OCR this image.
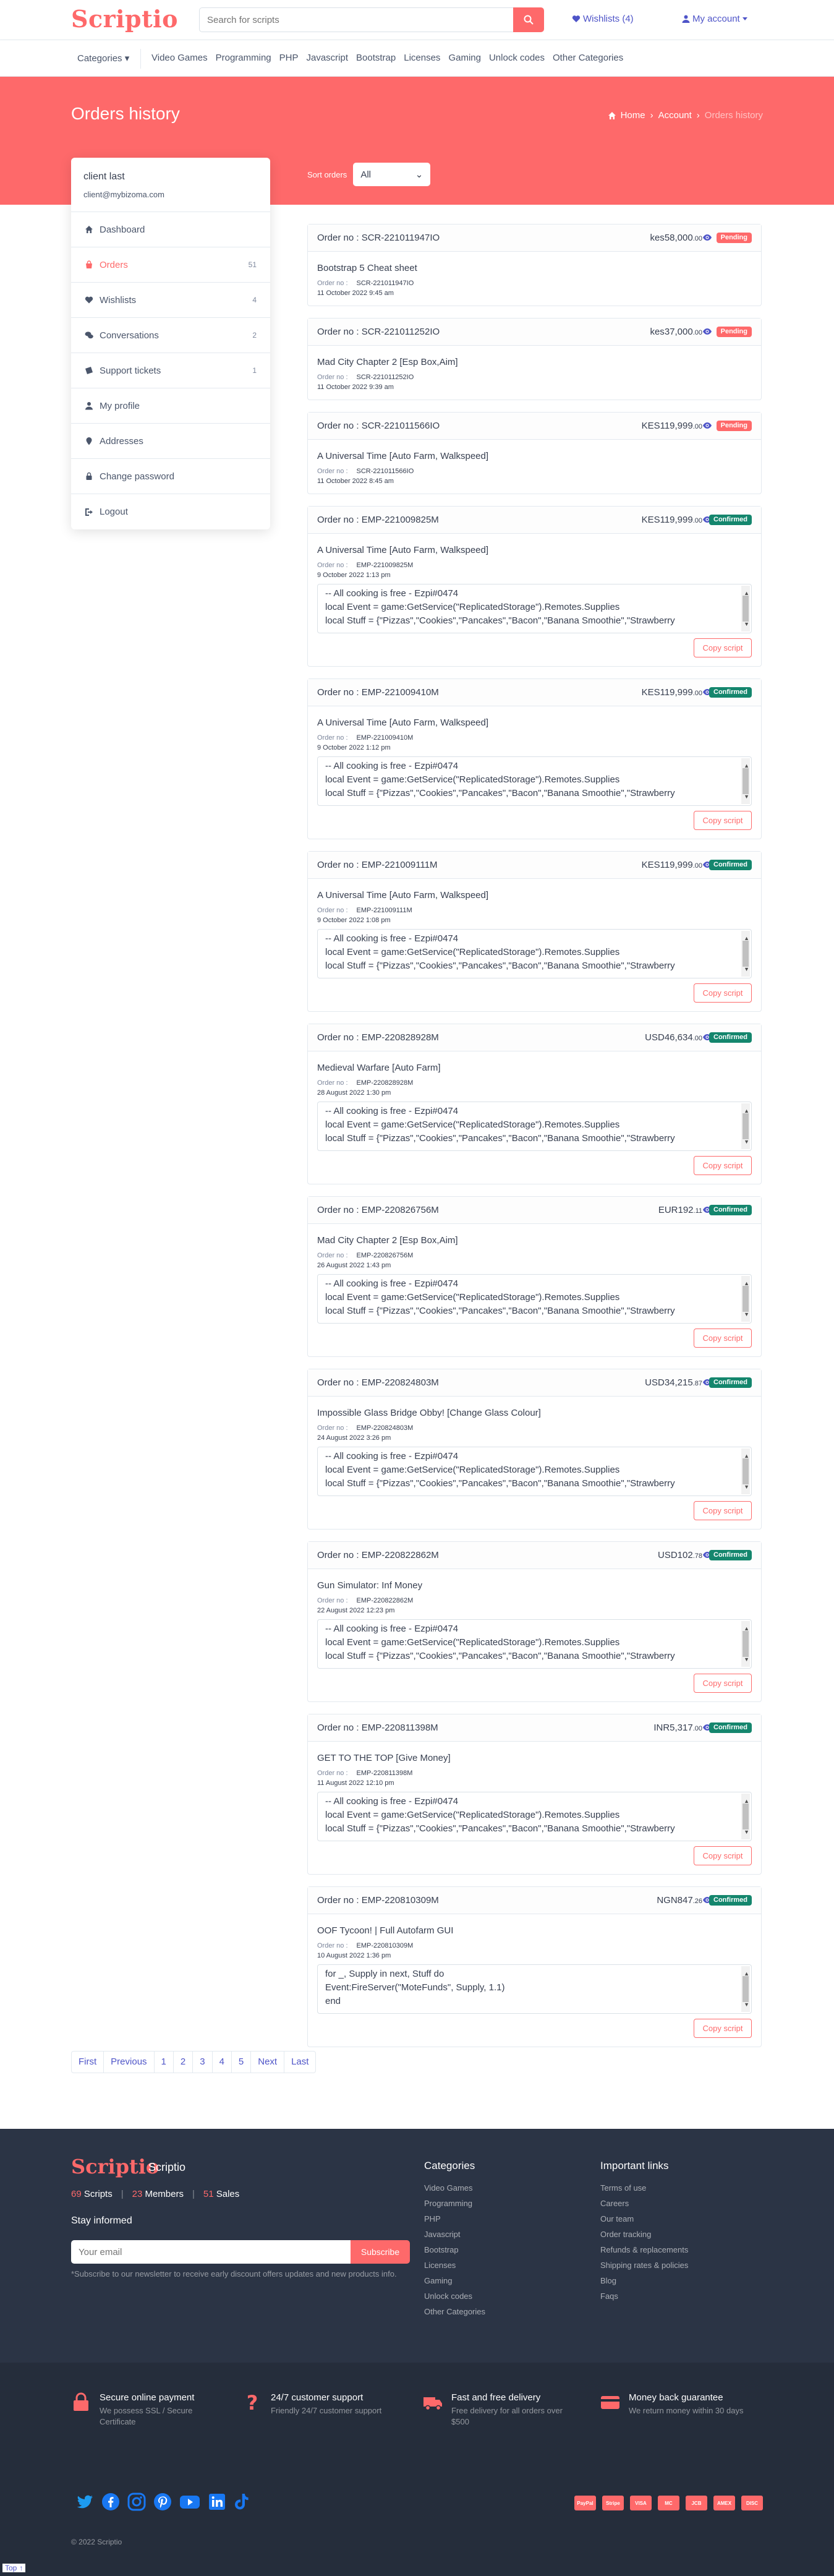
Scriptio
Search for scripts	Wishlists (4)	My account
Categories ▾ Video Games Programming PHP Javascript Bootstrap Licenses Gaming Unlock codes Other Categories
Orders history	Home › Account › Orders history
client last
client@mybizoma.com
Dashboard
Orders	51
Wishlists	4
Conversations	2
Support tickets	1
My profile
Addresses
Change password
Logout
Sort orders All	⌄
Order no : SCR-221011947IO	kes58,000.00	Pending
Bootstrap 5 Cheat sheet
Order no : SCR-221011947IO
11 October 2022 9:45 am
Order no : SCR-221011252IO	kes37,000.00	Pending
Mad City Chapter 2 [Esp Box,Aim]
Order no : SCR-221011252IO
11 October 2022 9:39 am
Order no : SCR-221011566IO	KES119,999.00	Pending
A Universal Time [Auto Farm, Walkspeed]
Order no : SCR-221011566IO
11 October 2022 8:45 am
Order no : EMP-221009825M	KES119,999.00	Confirmed
A Universal Time [Auto Farm, Walkspeed]
Order no : EMP-221009825M
9 October 2022 1:13 pm
-- All cooking is free - Ezpi#0474
local Event = game:GetService("ReplicatedStorage").Remotes.Supplies
local Stuff = {"Pizzas","Cookies","Pancakes","Bacon","Banana Smoothie","Strawberry
▲
▼
Copy script
Order no : EMP-221009410M	KES119,999.00	Confirmed
A Universal Time [Auto Farm, Walkspeed]
Order no : EMP-221009410M
9 October 2022 1:12 pm
-- All cooking is free - Ezpi#0474
local Event = game:GetService("ReplicatedStorage").Remotes.Supplies
local Stuff = {"Pizzas","Cookies","Pancakes","Bacon","Banana Smoothie","Strawberry
▲
▼
Copy script
Order no : EMP-221009111M	KES119,999.00	Confirmed
A Universal Time [Auto Farm, Walkspeed]
Order no : EMP-221009111M
9 October 2022 1:08 pm
-- All cooking is free - Ezpi#0474
local Event = game:GetService("ReplicatedStorage").Remotes.Supplies
local Stuff = {"Pizzas","Cookies","Pancakes","Bacon","Banana Smoothie","Strawberry
▲
▼
Copy script
Order no : EMP-220828928M	USD46,634.00	Confirmed
Medieval Warfare [Auto Farm]
Order no : EMP-220828928M
28 August 2022 1:30 pm
-- All cooking is free - Ezpi#0474
local Event = game:GetService("ReplicatedStorage").Remotes.Supplies
local Stuff = {"Pizzas","Cookies","Pancakes","Bacon","Banana Smoothie","Strawberry
▲
▼
Copy script
Order no : EMP-220826756M	EUR192.11	Confirmed
Mad City Chapter 2 [Esp Box,Aim]
Order no : EMP-220826756M
26 August 2022 1:43 pm
-- All cooking is free - Ezpi#0474
local Event = game:GetService("ReplicatedStorage").Remotes.Supplies
local Stuff = {"Pizzas","Cookies","Pancakes","Bacon","Banana Smoothie","Strawberry
▲
▼
Copy script
Order no : EMP-220824803M	USD34,215.87	Confirmed
Impossible Glass Bridge Obby! [Change Glass Colour]
Order no : EMP-220824803M
24 August 2022 3:26 pm
-- All cooking is free - Ezpi#0474
local Event = game:GetService("ReplicatedStorage").Remotes.Supplies
local Stuff = {"Pizzas","Cookies","Pancakes","Bacon","Banana Smoothie","Strawberry
▲
▼
Copy script
Order no : EMP-220822862M	USD102.78	Confirmed
Gun Simulator: Inf Money
Order no : EMP-220822862M
22 August 2022 12:23 pm
-- All cooking is free - Ezpi#0474
local Event = game:GetService("ReplicatedStorage").Remotes.Supplies
local Stuff = {"Pizzas","Cookies","Pancakes","Bacon","Banana Smoothie","Strawberry
▲
▼
Copy script
Order no : EMP-220811398M	INR5,317.00	Confirmed
GET TO THE TOP [Give Money]
Order no : EMP-220811398M
11 August 2022 12:10 pm
-- All cooking is free - Ezpi#0474
local Event = game:GetService("ReplicatedStorage").Remotes.Supplies
local Stuff = {"Pizzas","Cookies","Pancakes","Bacon","Banana Smoothie","Strawberry
▲
▼
Copy script
Order no : EMP-220810309M	NGN847.26	Confirmed
OOF Tycoon! | Full Autofarm GUI
Order no : EMP-220810309M
10 August 2022 1:36 pm
for _, Supply in next, Stuff do
Event:FireServer("MoteFunds", Supply, 1.1)
end
▲
▼
Copy script
First	Previous	1	2	3	4	5	Next	Last
Scriptio
Scriptio
69 Scripts | 23 Members | 51 Sales
Stay informed
Your email
Subscribe
*Subscribe to our newsletter to receive early discount offers updates and new products info.
Categories
Video Games
Programming
PHP
Javascript
Bootstrap
Licenses
Gaming
Unlock codes
Other Categories
Important links
Terms of use
Careers
Our team
Order tracking
Refunds & replacements
Shipping rates & policies
Blog
Faqs
Secure online payment
We possess SSL / Secure Certificate
? 24/7 customer support
Friendly 24/7 customer support
Fast and free delivery
Free delivery for all orders over $500
Money back guarantee
We return money within 30 days
PayPal	Stripe	VISA	MC	JCB	AMEX	DISC
© 2022 Scriptio
Top ↑
